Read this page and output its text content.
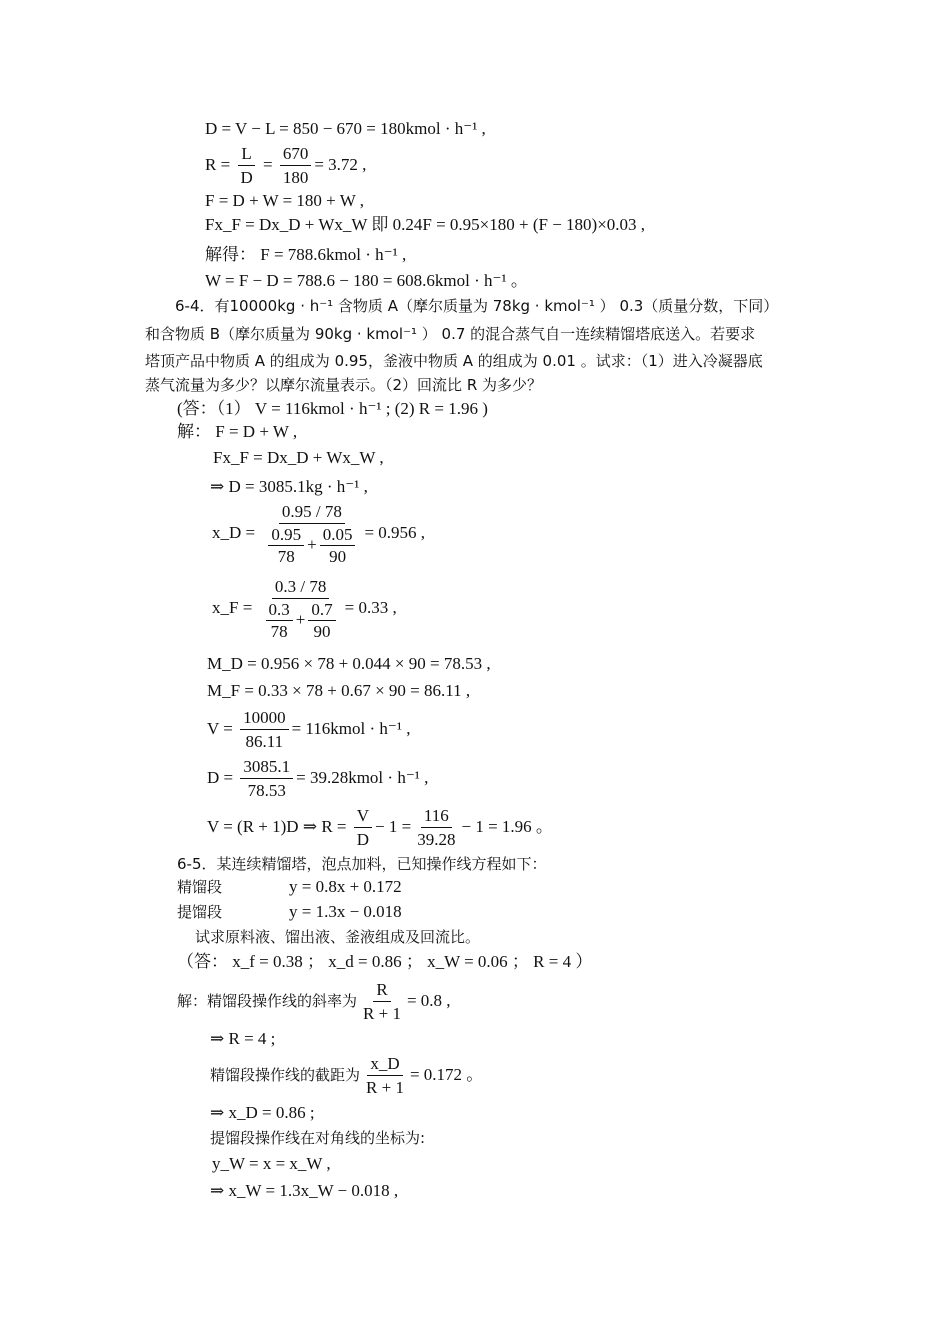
D = V − L = 850 − 670 = 180kmol · h⁻¹ ,
$R = \frac{L}{D} = \frac{670}{180} = 3.72$ ,
F = D + W = 180 + W ,
Fx_F = Dx_D + Wx_W 即 0.24F = 0.95×180 + (F − 180)×0.03 ,
解得： F = 788.6kmol · h⁻¹ ,
W = F − D = 788.6 − 180 = 608.6kmol · h⁻¹ 。
6-4．有10000kg · h⁻¹ 含物质 A（摩尔质量为 78kg · kmol⁻¹ ） 0.3（质量分数，下同）
和含物质 B（摩尔质量为 90kg · kmol⁻¹ ） 0.7 的混合蒸气自一连续精馏塔底送入。若要求
塔顶产品中物质 A 的组成为 0.95，釜液中物质 A 的组成为 0.01 。试求：（1）进入冷凝器底
蒸气流量为多少？以摩尔流量表示。（2）回流比 R 为多少？
(答：（1） V = 116kmol · h⁻¹ ; (2) R = 1.96 )
解： F = D + W ,
Fx_F = Dx_D + Wx_W ,
⇒ D = 3085.1kg · h⁻¹ ,
x_D = $\frac{0.95 / 78}{\frac{0.95}{78} + \frac{0.05}{90}} = 0.956$ ,
x_F = $\frac{0.3 / 78}{\frac{0.3}{78} + \frac{0.7}{90}} = 0.33$ ,
M_D = 0.956 × 78 + 0.044 × 90 = 78.53 ,
M_F = 0.33 × 78 + 0.67 × 90 = 86.11 ,
$V = \frac{10000}{86.11}$ = 116kmol · h⁻¹ ,
$D = \frac{3085.1}{78.53}$ = 39.28kmol · h⁻¹ ,
V = (R + 1)D ⇒ $R = \frac{V}{D} - 1 = \frac{116}{39.28} - 1 = 1.96$ 。
6-5．某连续精馏塔，泡点加料，已知操作线方程如下：
精馏段	y = 0.8x + 0.172
提馏段	y = 1.3x − 0.018
试求原料液、馏出液、釜液组成及回流比。
（答： x_f = 0.38 ； x_d = 0.86 ； x_W = 0.06 ； R = 4 ）
解：精馏段操作线的斜率为 $\frac{R}{R + 1} = 0.8$ ,
⇒ R = 4 ;
精馏段操作线的截距为 $\frac{x\_D}{R + 1} = 0.172$ 。
⇒ x_D = 0.86 ;
提馏段操作线在对角线的坐标为:
y_W = x = x_W ,
⇒ x_W = 1.3x_W − 0.018 ,
